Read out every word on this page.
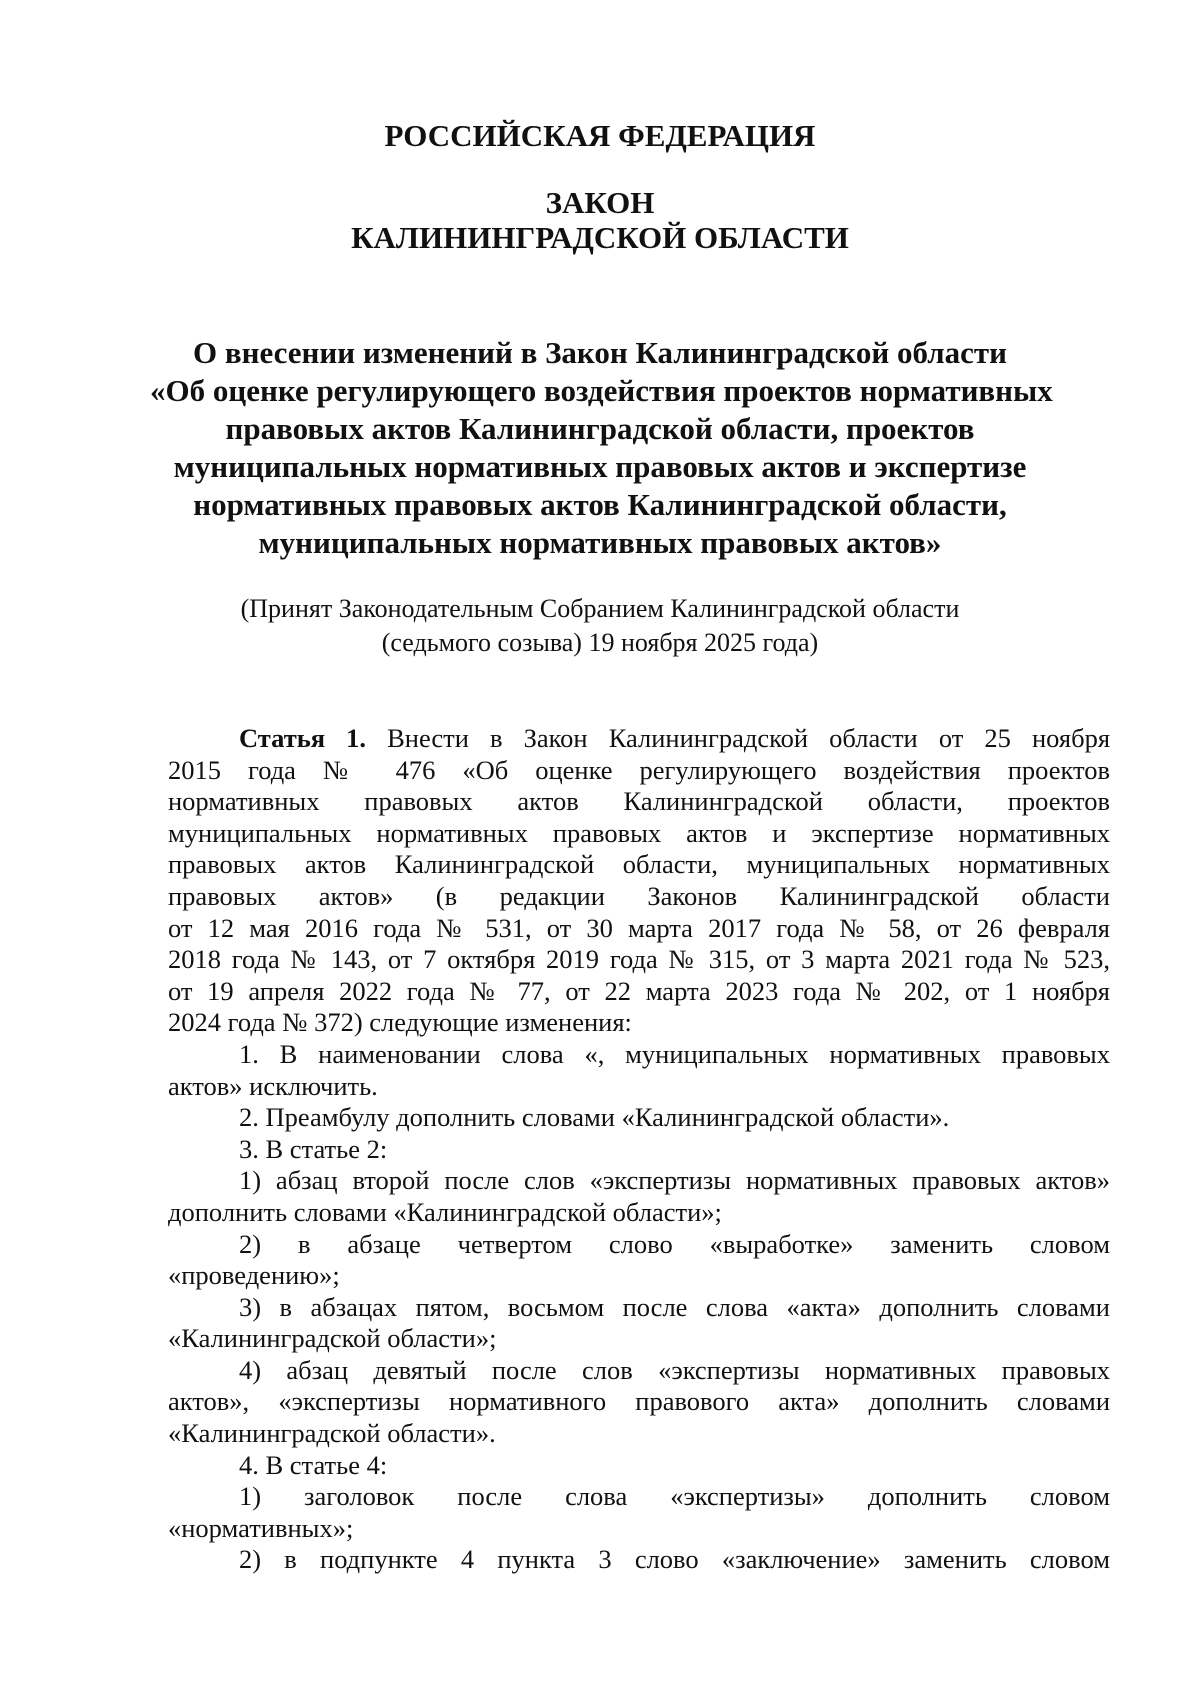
РОССИЙСКАЯ ФЕДЕРАЦИЯ
ЗАКОН
КАЛИНИНГРАДСКОЙ ОБЛАСТИ
О внесении изменений в Закон Калининградской области
«Об оценке регулирующего воздействия проектов нормативных
правовых актов Калининградской области, проектов
муниципальных нормативных правовых актов и экспертизе
нормативных правовых актов Калининградской области,
муниципальных нормативных правовых актов»
(Принят Законодательным Собранием Калининградской области
(седьмого созыва) 19 ноября 2025 года)
Статья 1. Внести в Закон Калининградской области от 25 ноября
2015 года № 476 «Об оценке регулирующего воздействия проектов
нормативных правовых актов Калининградской области, проектов
муниципальных нормативных правовых актов и экспертизе нормативных
правовых актов Калининградской области, муниципальных нормативных
правовых актов» (в редакции Законов Калининградской области
от 12 мая 2016 года № 531, от 30 марта 2017 года № 58, от 26 февраля
2018 года № 143, от 7 октября 2019 года № 315, от 3 марта 2021 года № 523,
от 19 апреля 2022 года № 77, от 22 марта 2023 года № 202, от 1 ноября
2024 года № 372) следующие изменения:
1. В наименовании слова «, муниципальных нормативных правовых
актов» исключить.
2. Преамбулу дополнить словами «Калининградской области».
3. В статье 2:
1) абзац второй после слов «экспертизы нормативных правовых актов»
дополнить словами «Калининградской области»;
2) в абзаце четвертом слово «выработке» заменить словом
«проведению»;
3) в абзацах пятом, восьмом после слова «акта» дополнить словами
«Калининградской области»;
4) абзац девятый после слов «экспертизы нормативных правовых
актов», «экспертизы нормативного правового акта» дополнить словами
«Калининградской области».
4. В статье 4:
1) заголовок после слова «экспертизы» дополнить словом
«нормативных»;
2) в подпункте 4 пункта 3 слово «заключение» заменить словом
